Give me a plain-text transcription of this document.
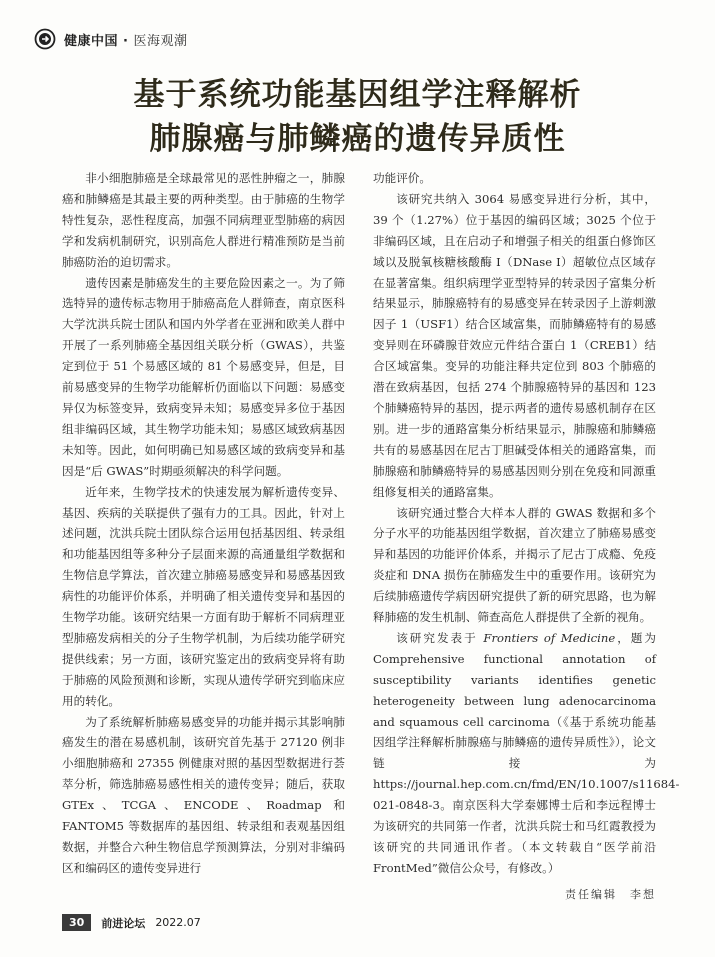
健康中国 · 医海观潮
基于系统功能基因组学注释解析
肺腺癌与肺鳞癌的遗传异质性

非小细胞肺癌是全球最常见的恶性肿瘤之一，肺腺癌和肺鳞癌是其最主要的两种类型。由于肺癌的生物学特性复杂，恶性程度高，加强不同病理亚型肺癌的病因学和发病机制研究，识别高危人群进行精准预防是当前肺癌防治的迫切需求。

遗传因素是肺癌发生的主要危险因素之一。为了筛选特异的遗传标志物用于肺癌高危人群筛查，南京医科大学沈洪兵院士团队和国内外学者在亚洲和欧美人群中开展了一系列肺癌全基因组关联分析（GWAS），共鉴定到位于 51 个易感区域的 81 个易感变异，但是，目前易感变异的生物学功能解析仍面临以下问题：易感变异仅为标签变异，致病变异未知；易感变异多位于基因组非编码区域，其生物学功能未知；易感区域致病基因未知等。因此，如何明确已知易感区域的致病变异和基因是“后 GWAS”时期亟须解决的科学问题。

近年来，生物学技术的快速发展为解析遗传变异、基因、疾病的关联提供了强有力的工具。因此，针对上述问题，沈洪兵院士团队综合运用包括基因组、转录组和功能基因组等多种分子层面来源的高通量组学数据和生物信息学算法，首次建立肺癌易感变异和易感基因致病性的功能评价体系，并明确了相关遗传变异和基因的生物学功能。该研究结果一方面有助于解析不同病理亚型肺癌发病相关的分子生物学机制，为后续功能学研究提供线索；另一方面，该研究鉴定出的致病变异将有助于肺癌的风险预测和诊断，实现从遗传学研究到临床应用的转化。

为了系统解析肺癌易感变异的功能并揭示其影响肺癌发生的潜在易感机制，该研究首先基于 27120 例非小细胞肺癌和 27355 例健康对照的基因型数据进行荟萃分析，筛选肺癌易感性相关的遗传变异；随后，获取 GTEx、TCGA、ENCODE、Roadmap 和 FANTOM5 等数据库的基因组、转录组和表观基因组数据，并整合六种生物信息学预测算法，分别对非编码区和编码区的遗传变异进行

功能评价。

该研究共纳入 3064 易感变异进行分析，其中，39 个（1.27%）位于基因的编码区域；3025 个位于非编码区域，且在启动子和增强子相关的组蛋白修饰区域以及脱氧核糖核酸酶 I（DNase I）超敏位点区域存在显著富集。组织病理学亚型特异的转录因子富集分析结果显示，肺腺癌特有的易感变异在转录因子上游刺激因子 1（USF1）结合区域富集，而肺鳞癌特有的易感变异则在环磷腺苷效应元件结合蛋白 1（CREB1）结合区域富集。变异的功能注释共定位到 803 个肺癌的潜在致病基因，包括 274 个肺腺癌特异的基因和 123 个肺鳞癌特异的基因，提示两者的遗传易感机制存在区别。进一步的通路富集分析结果显示，肺腺癌和肺鳞癌共有的易感基因在尼古丁胆碱受体相关的通路富集，而肺腺癌和肺鳞癌特异的易感基因则分别在免疫和同源重组修复相关的通路富集。

该研究通过整合大样本人群的 GWAS 数据和多个分子水平的功能基因组学数据，首次建立了肺癌易感变异和基因的功能评价体系，并揭示了尼古丁成瘾、免疫炎症和 DNA 损伤在肺癌发生中的重要作用。该研究为后续肺癌遗传学病因研究提供了新的研究思路，也为解释肺癌的发生机制、筛查高危人群提供了全新的视角。

该研究发表于 Frontiers of Medicine，题为 Comprehensive functional annotation of susceptibility variants identifies genetic heterogeneity between lung adenocarcinoma and squamous cell carcinoma（《基于系统功能基因组学注释解析肺腺癌与肺鳞癌的遗传异质性》），论文链接为 https://journal.hep.com.cn/fmd/EN/10.1007/s11684-021-0848-3。南京医科大学秦娜博士后和李远程博士为该研究的共同第一作者，沈洪兵院士和马红霞教授为该研究的共同通讯作者。（本文转载自“医学前沿 FrontMed”微信公众号，有修改。）

责任编辑　李想
30	前进论坛 2022.07
